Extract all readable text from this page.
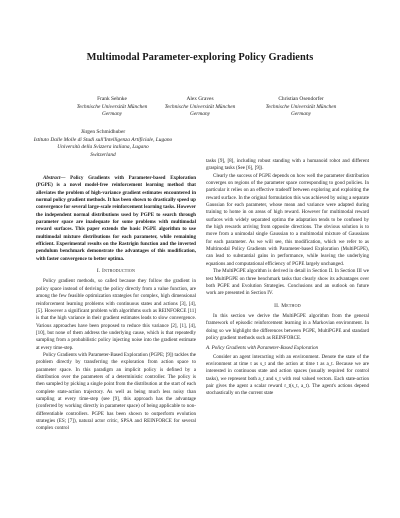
Multimodal Parameter-exploring Policy Gradients
Frank Sehnke
Technische Universität München
Germany
Alex Graves
Technische Universität München
Germany
Christian Osendorfer
Technische Universität München
Germany
Jürgen Schmidhuber
Istituto Dalle Molle di Studi sull'Intelligenza Artificiale, Lugano
Università della Svizzera italiana, Lugano
Switzerland

Abstract— Policy Gradients with Parameter-based Exploration (PGPE) is a novel model-free reinforcement learning method that alleviates the problem of high-variance gradient estimates encountered in normal policy gradient methods. It has been shown to drastically speed up convergence for several large-scale reinforcement learning tasks. However the independent normal distributions used by PGPE to search through parameter space are inadequate for some problems with multimodal reward surfaces. This paper extends the basic PGPE algorithm to use multimodal mixture distributions for each parameter, while remaining efficient. Experimental results on the Rastrigin function and the inverted pendulum benchmark demonstrate the advantages of this modification, with faster convergence to better optima.

I. Introduction

Policy gradient methods, so called because they follow the gradient in policy space instead of deriving the policy directly from a value function, are among the few feasible optimization strategies for complex, high dimensional reinforcement learning problems with continuous states and actions [3], [4], [5]. However a significant problem with algorithms such as REINFORCE [11] is that the high variance in their gradient estimates leads to slow convergence. Various approaches have been proposed to reduce this variance [2], [1], [4], [10], but none of them address the underlying cause, which is that repeatedly sampling from a probabilistic policy injecting noise into the gradient estimate at every time-step.

Policy Gradients with Parameter-Based Exploration (PGPE; [9]) tackles the problem directly by transferring the exploration from action space to parameter space. In this paradigm an implicit policy is defined by a distribution over the parameters of a deterministic controller. The policy is then sampled by picking a single point from the distribution at the start of each complete state-action trajectory. As well as being much less noisy than sampling at every time-step (see [9], this approach has the advantage (conferred by working directly in parameter space) of being applicable to non-differentiable controllers. PGPE has been shown to outperform evolution strategies (ES; [7]), natural actor critic, SPSA and REINFORCE for several complex control

tasks [9], [8], including robust standing with a humanoid robot and different grasping tasks (See [6], [9]).

Clearly the success of PGPE depends on how well the parameter distribution converges on regions of the parameter space corresponding to good policies. In particular it relies on an effective tradeoff between exploring and exploiting the reward surface. In the original formulation this was achieved by using a separate Gaussian for each parameter, whose mean and variance were adapted during training to home in on areas of high reward. However for multimodal reward surfaces with widely separated optima the adaptation tends to be confused by the high rewards arriving from opposite directions. The obvious solution is to move from a unimodal single Gaussian to a multimodal mixture of Gaussians for each parameter. As we will see, this modification, which we refer to as Multimodal Policy Gradients with Parameter-based Exploration (MultiPGPE), can lead to substantial gains in performance, while leaving the underlying equations and computational efficiency of PGPE largely unchanged.

The MultiPGPE algorithm is derived in detail in Section II. In Section III we test MultiPGPE on three benchmark tasks that clearly show its advantages over both PGPE and Evolution Strategies. Conclusions and an outlook on future work are presented in Section IV.

II. Method

In this section we derive the MultiPGPE algorithm from the general framework of episodic reinforcement learning in a Markovian environment. In doing so we highlight the differences between PGPE, MultiPGPE and standard policy gradient methods such as REINFORCE.

A. Policy Gradients with Parameter-Based Exploration

Consider an agent interacting with an environment. Denote the state of the environment at time t as s_t and the action at time t as a_t. Because we are interested in continuous state and action spaces (usually required for control tasks), we represent both a_t and s_t with real valued vectors. Each state-action pair gives the agent a scalar reward r_t(s_t, a_t). The agent's actions depend stochastically on the current state
